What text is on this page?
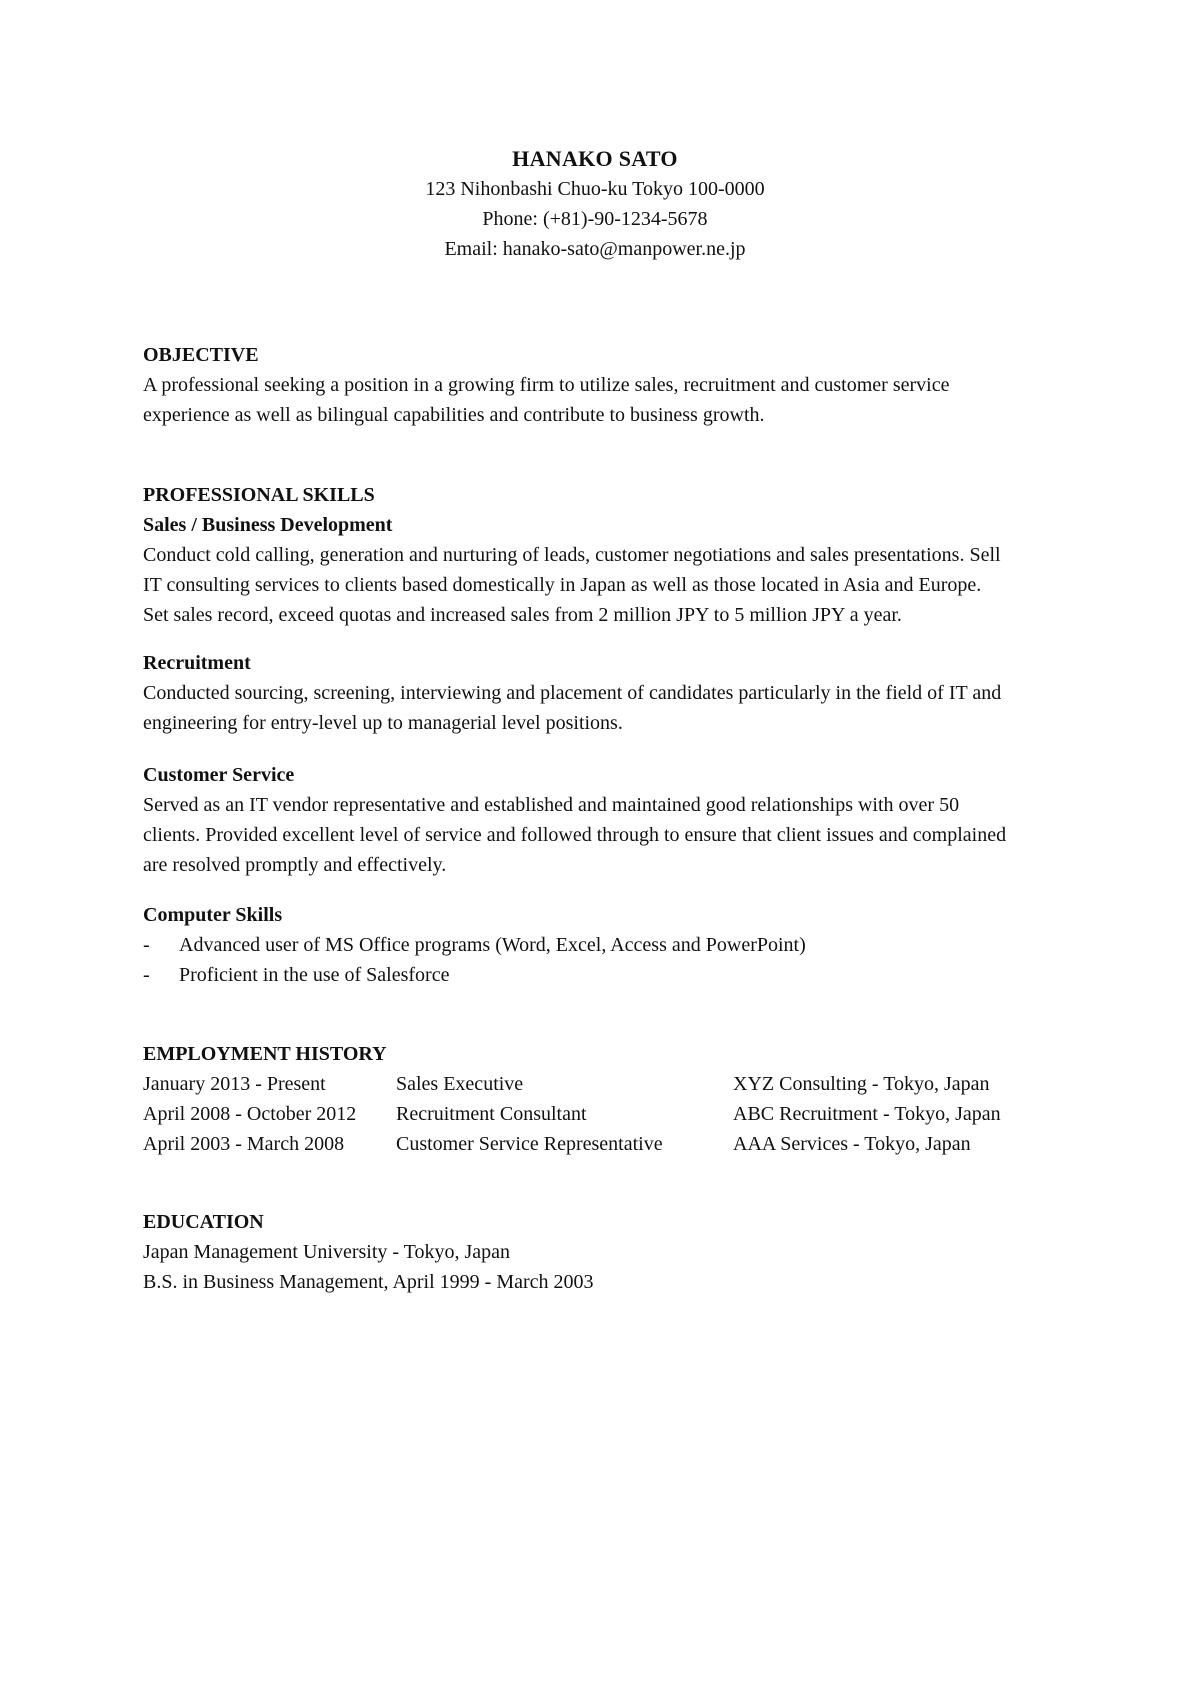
HANAKO SATO
123 Nihonbashi Chuo-ku Tokyo 100-0000
Phone: (+81)-90-1234-5678
Email: hanako-sato@manpower.ne.jp
OBJECTIVE

A professional seeking a position in a growing firm to utilize sales, recruitment and customer service

experience as well as bilingual capabilities and contribute to business growth.

PROFESSIONAL SKILLS
Sales / Business Development

Conduct cold calling, generation and nurturing of leads, customer negotiations and sales presentations. Sell

IT consulting services to clients based domestically in Japan as well as those located in Asia and Europe.

Set sales record, exceed quotas and increased sales from 2 million JPY to 5 million JPY a year.

Recruitment

Conducted sourcing, screening, interviewing and placement of candidates particularly in the field of IT and

engineering for entry-level up to managerial level positions.

Customer Service

Served as an IT vendor representative and established and maintained good relationships with over 50

clients. Provided excellent level of service and followed through to ensure that client issues and complained

are resolved promptly and effectively.

Computer Skills
-	Advanced user of MS Office programs (Word, Excel, Access and PowerPoint)
-	Proficient in the use of Salesforce
EMPLOYMENT HISTORY
January 2013 - Present	Sales Executive	XYZ Consulting - Tokyo, Japan
April 2008 - October 2012	Recruitment Consultant	ABC Recruitment - Tokyo, Japan
April 2003 - March 2008	Customer Service Representative	AAA Services - Tokyo, Japan
EDUCATION

Japan Management University - Tokyo, Japan

B.S. in Business Management, April 1999 - March 2003
